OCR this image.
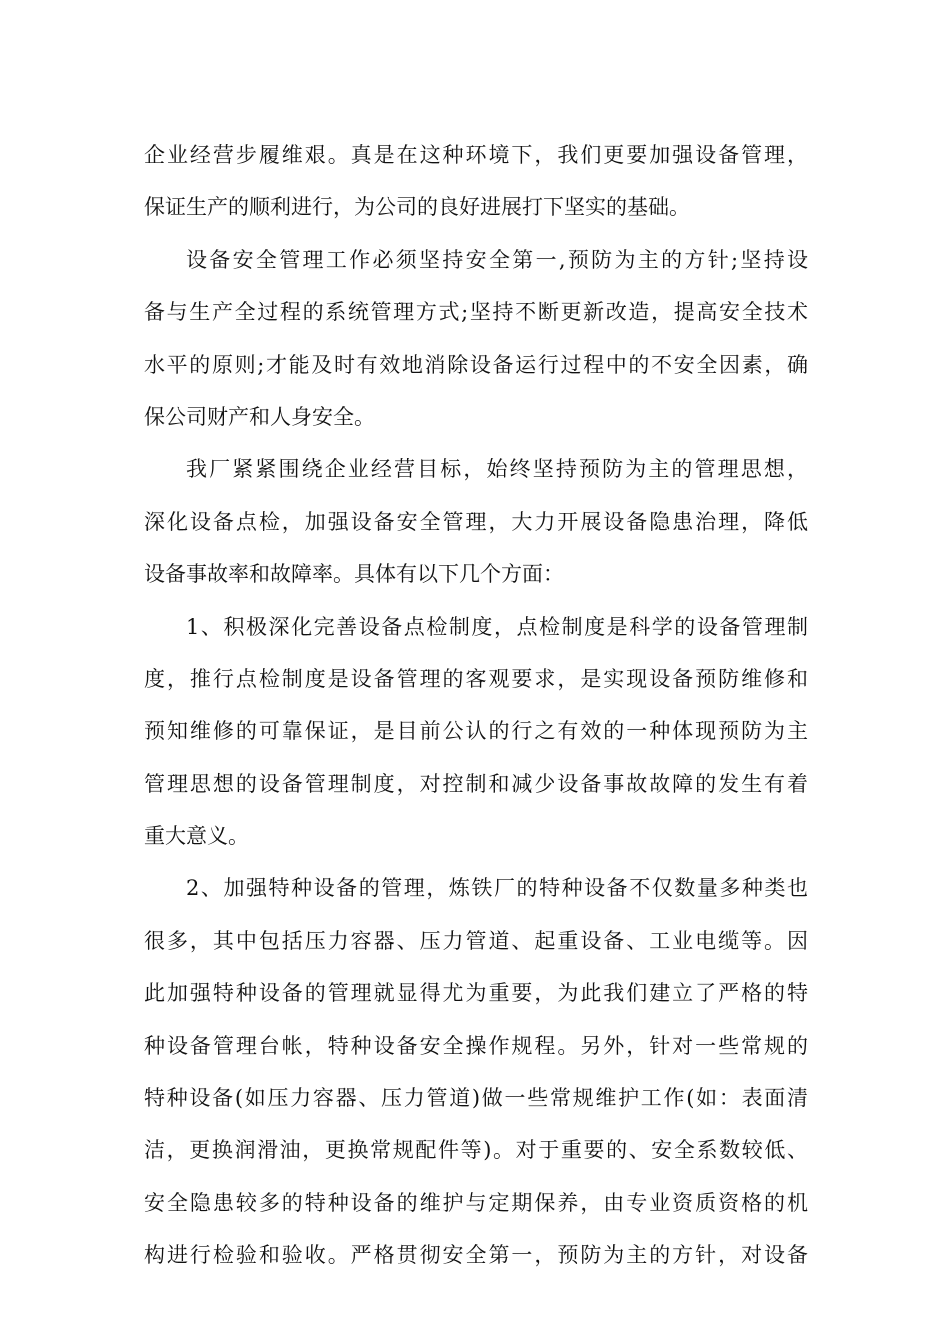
企业经营步履维艰。真是在这种环境下，我们更要加强设备管理，
保证生产的顺利进行，为公司的良好进展打下坚实的基础。
设备安全管理工作必须坚持安全第一,预防为主的方针;坚持设
备与生产全过程的系统管理方式;坚持不断更新改造，提高安全技术
水平的原则;才能及时有效地消除设备运行过程中的不安全因素，确
保公司财产和人身安全。
我厂紧紧围绕企业经营目标，始终坚持预防为主的管理思想，
深化设备点检，加强设备安全管理，大力开展设备隐患治理，降低
设备事故率和故障率。具体有以下几个方面：
1、积极深化完善设备点检制度，点检制度是科学的设备管理制
度，推行点检制度是设备管理的客观要求，是实现设备预防维修和
预知维修的可靠保证，是目前公认的行之有效的一种体现预防为主
管理思想的设备管理制度，对控制和减少设备事故故障的发生有着
重大意义。
2、加强特种设备的管理，炼铁厂的特种设备不仅数量多种类也
很多，其中包括压力容器、压力管道、起重设备、工业电缆等。因
此加强特种设备的管理就显得尤为重要，为此我们建立了严格的特
种设备管理台帐，特种设备安全操作规程。另外，针对一些常规的
特种设备(如压力容器、压力管道)做一些常规维护工作(如：表面清
洁，更换润滑油，更换常规配件等)。对于重要的、安全系数较低、
安全隐患较多的特种设备的维护与定期保养，由专业资质资格的机
构进行检验和验收。严格贯彻安全第一，预防为主的方针，对设备
